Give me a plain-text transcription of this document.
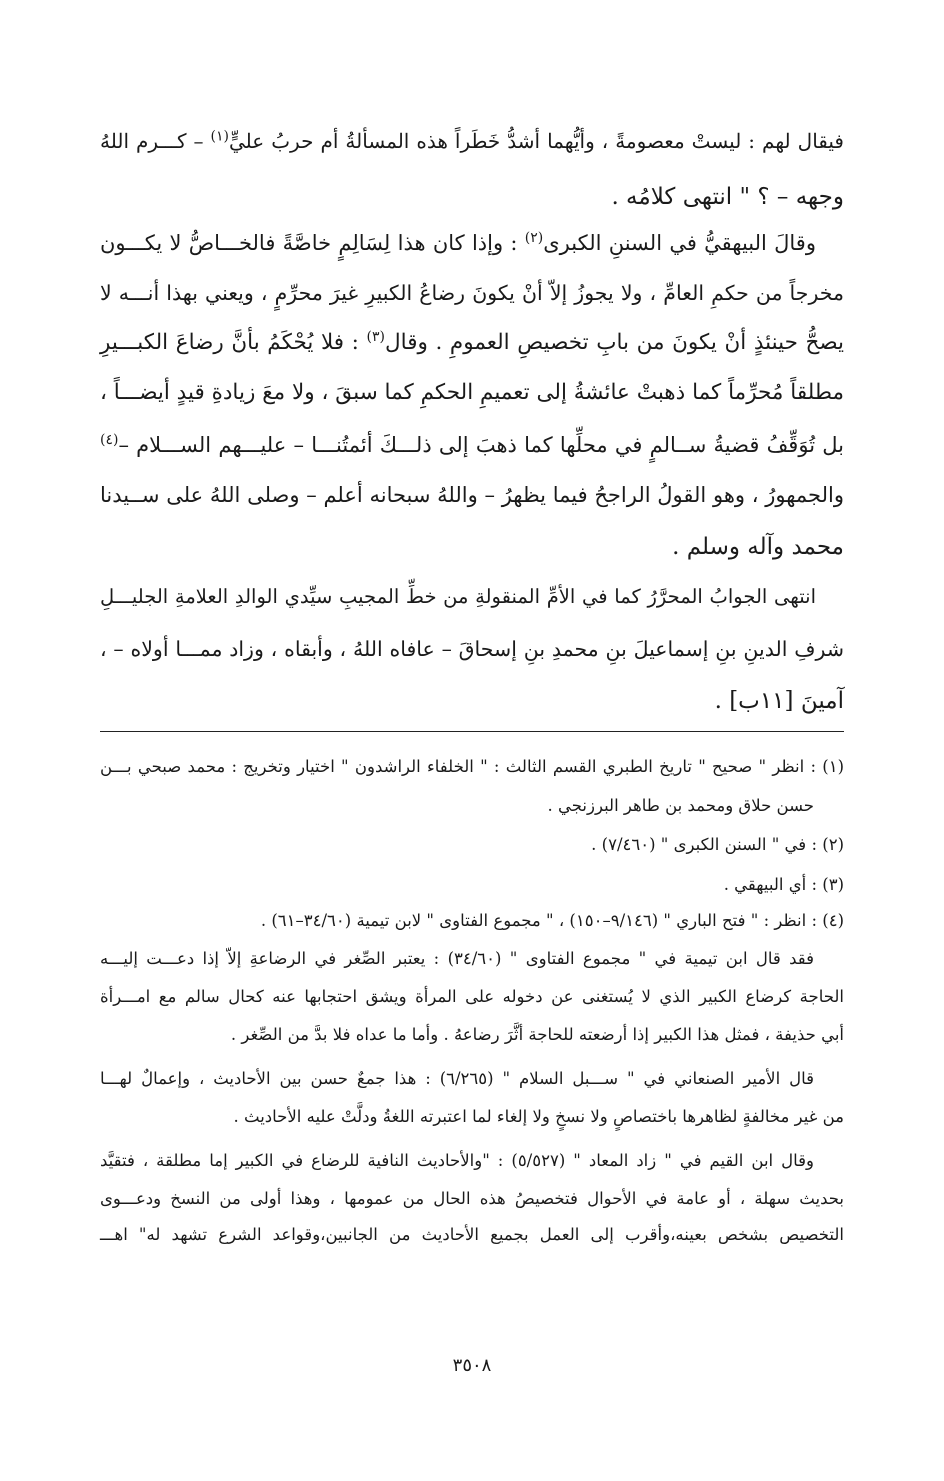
فيقال لهم : ليستْ معصومةً ، وأيُّهما أشدُّ خَطَراً هذه المسألةُ أم حربُ عليٍّ$^{(١)}$ – كـــرم اللهُ
وجهه – ؟ " انتهى كلامُه .
وقالَ البيهقيُّ في السننِ الكبرى$^{(٢)}$ : وإذا كان هذا لِسَالِمٍ خاصَّةً فالخـــاصُّ لا يكـــون
مخرجاً من حكمِ العامِّ ، ولا يجوزُ إلاّ أنْ يكونَ رضاعُ الكبيرِ غيرَ محرِّمٍ ، ويعني بهذا أنـــه لا
يصحُّ حينئذٍ أنْ يكونَ من بابِ تخصيصِ العمومِ . وقال$^{(٣)}$ : فلا يُحْكَمُ بأنَّ رضاعَ الكبـــيرِ
مطلقاً مُحرِّماً كما ذهبتْ عائشةُ إلى تعميمِ الحكمِ كما سبقَ ، ولا معَ زيادةِ قيدٍ أيضـــاً ،
بل تُوَقِّفُ قضيةُ ســالمٍ في محلِّها كما ذهبَ إلى ذلـــكَ أئمتُنـــا – عليـــهم الســـلام –$^{(٤)}$
والجمهورُ ، وهو القولُ الراجحُ فيما يظهرُ – واللهُ سبحانه أعلم – وصلى اللهُ على ســيدنا
محمد وآله وسلم .
انتهى الجوابُ المحرَّرُ كما في الأمِّ المنقولةِ من خطِّ المجيبِ سيِّدي الوالدِ العلامةِ الجليـــلِ
شرفِ الدينِ بنِ إسماعيلَ بنِ محمدِ بنِ إسحاقَ – عافاه اللهُ ، وأبقاه ، وزاد ممـــا أولاه – ،
آمينَ [١١ب] .
(١) : انظر " صحيح " تاريخ الطبري القسم الثالث : " الخلفاء الراشدون " اختيار وتخريج : محمد صبحي بـــن
حسن حلاق ومحمد بن طاهر البرزنجي .
(٢) : في " السنن الكبرى " (٧/٤٦٠) .
(٣) : أي البيهقي .
(٤) : انظر : " فتح الباري " (٩/١٤٦–١٥٠) ، " مجموع الفتاوى " لابن تيمية (٣٤/٦٠–٦١) .
فقد قال ابن تيمية في " مجموع الفتاوى " (٣٤/٦٠) : يعتبر الصِّغر في الرضاعةِ إلاّ إذا دعـــت إليـــه
الحاجة كرضاع الكبير الذي لا يُستغنى عن دخوله على المرأة ويشق احتجابها عنه كحال سالم مع امـــرأة
أبي حذيفة ، فمثل هذا الكبير إذا أرضعته للحاجة أثَّرَ رضاعهُ . وأما ما عداه فلا بدَّ من الصِّغر .
قال الأمير الصنعاني في " ســـبل السلام " (٦/٢٦٥) : هذا جمعٌ حسن بين الأحاديث ، وإعمالٌ لهـــا
من غير مخالفةٍ لظاهرها باختصاصٍ ولا نسخٍ ولا إلغاء لما اعتبرته اللغةُ ودلَّتْ عليه الأحاديث .
وقال ابن القيم في " زاد المعاد " (٥/٥٢٧) : "والأحاديث النافية للرضاع في الكبير إما مطلقة ، فتقيَّد
بحديث سهلة ، أو عامة في الأحوال فتخصيصُ هذه الحال من عمومها ، وهذا أولى من النسخ ودعـــوى
التخصيص بشخص بعينه،وأقرب إلى العمل بجميع الأحاديث من الجانبين،وقواعد الشرع تشهد له" اهـــ
٣٥٠٨
